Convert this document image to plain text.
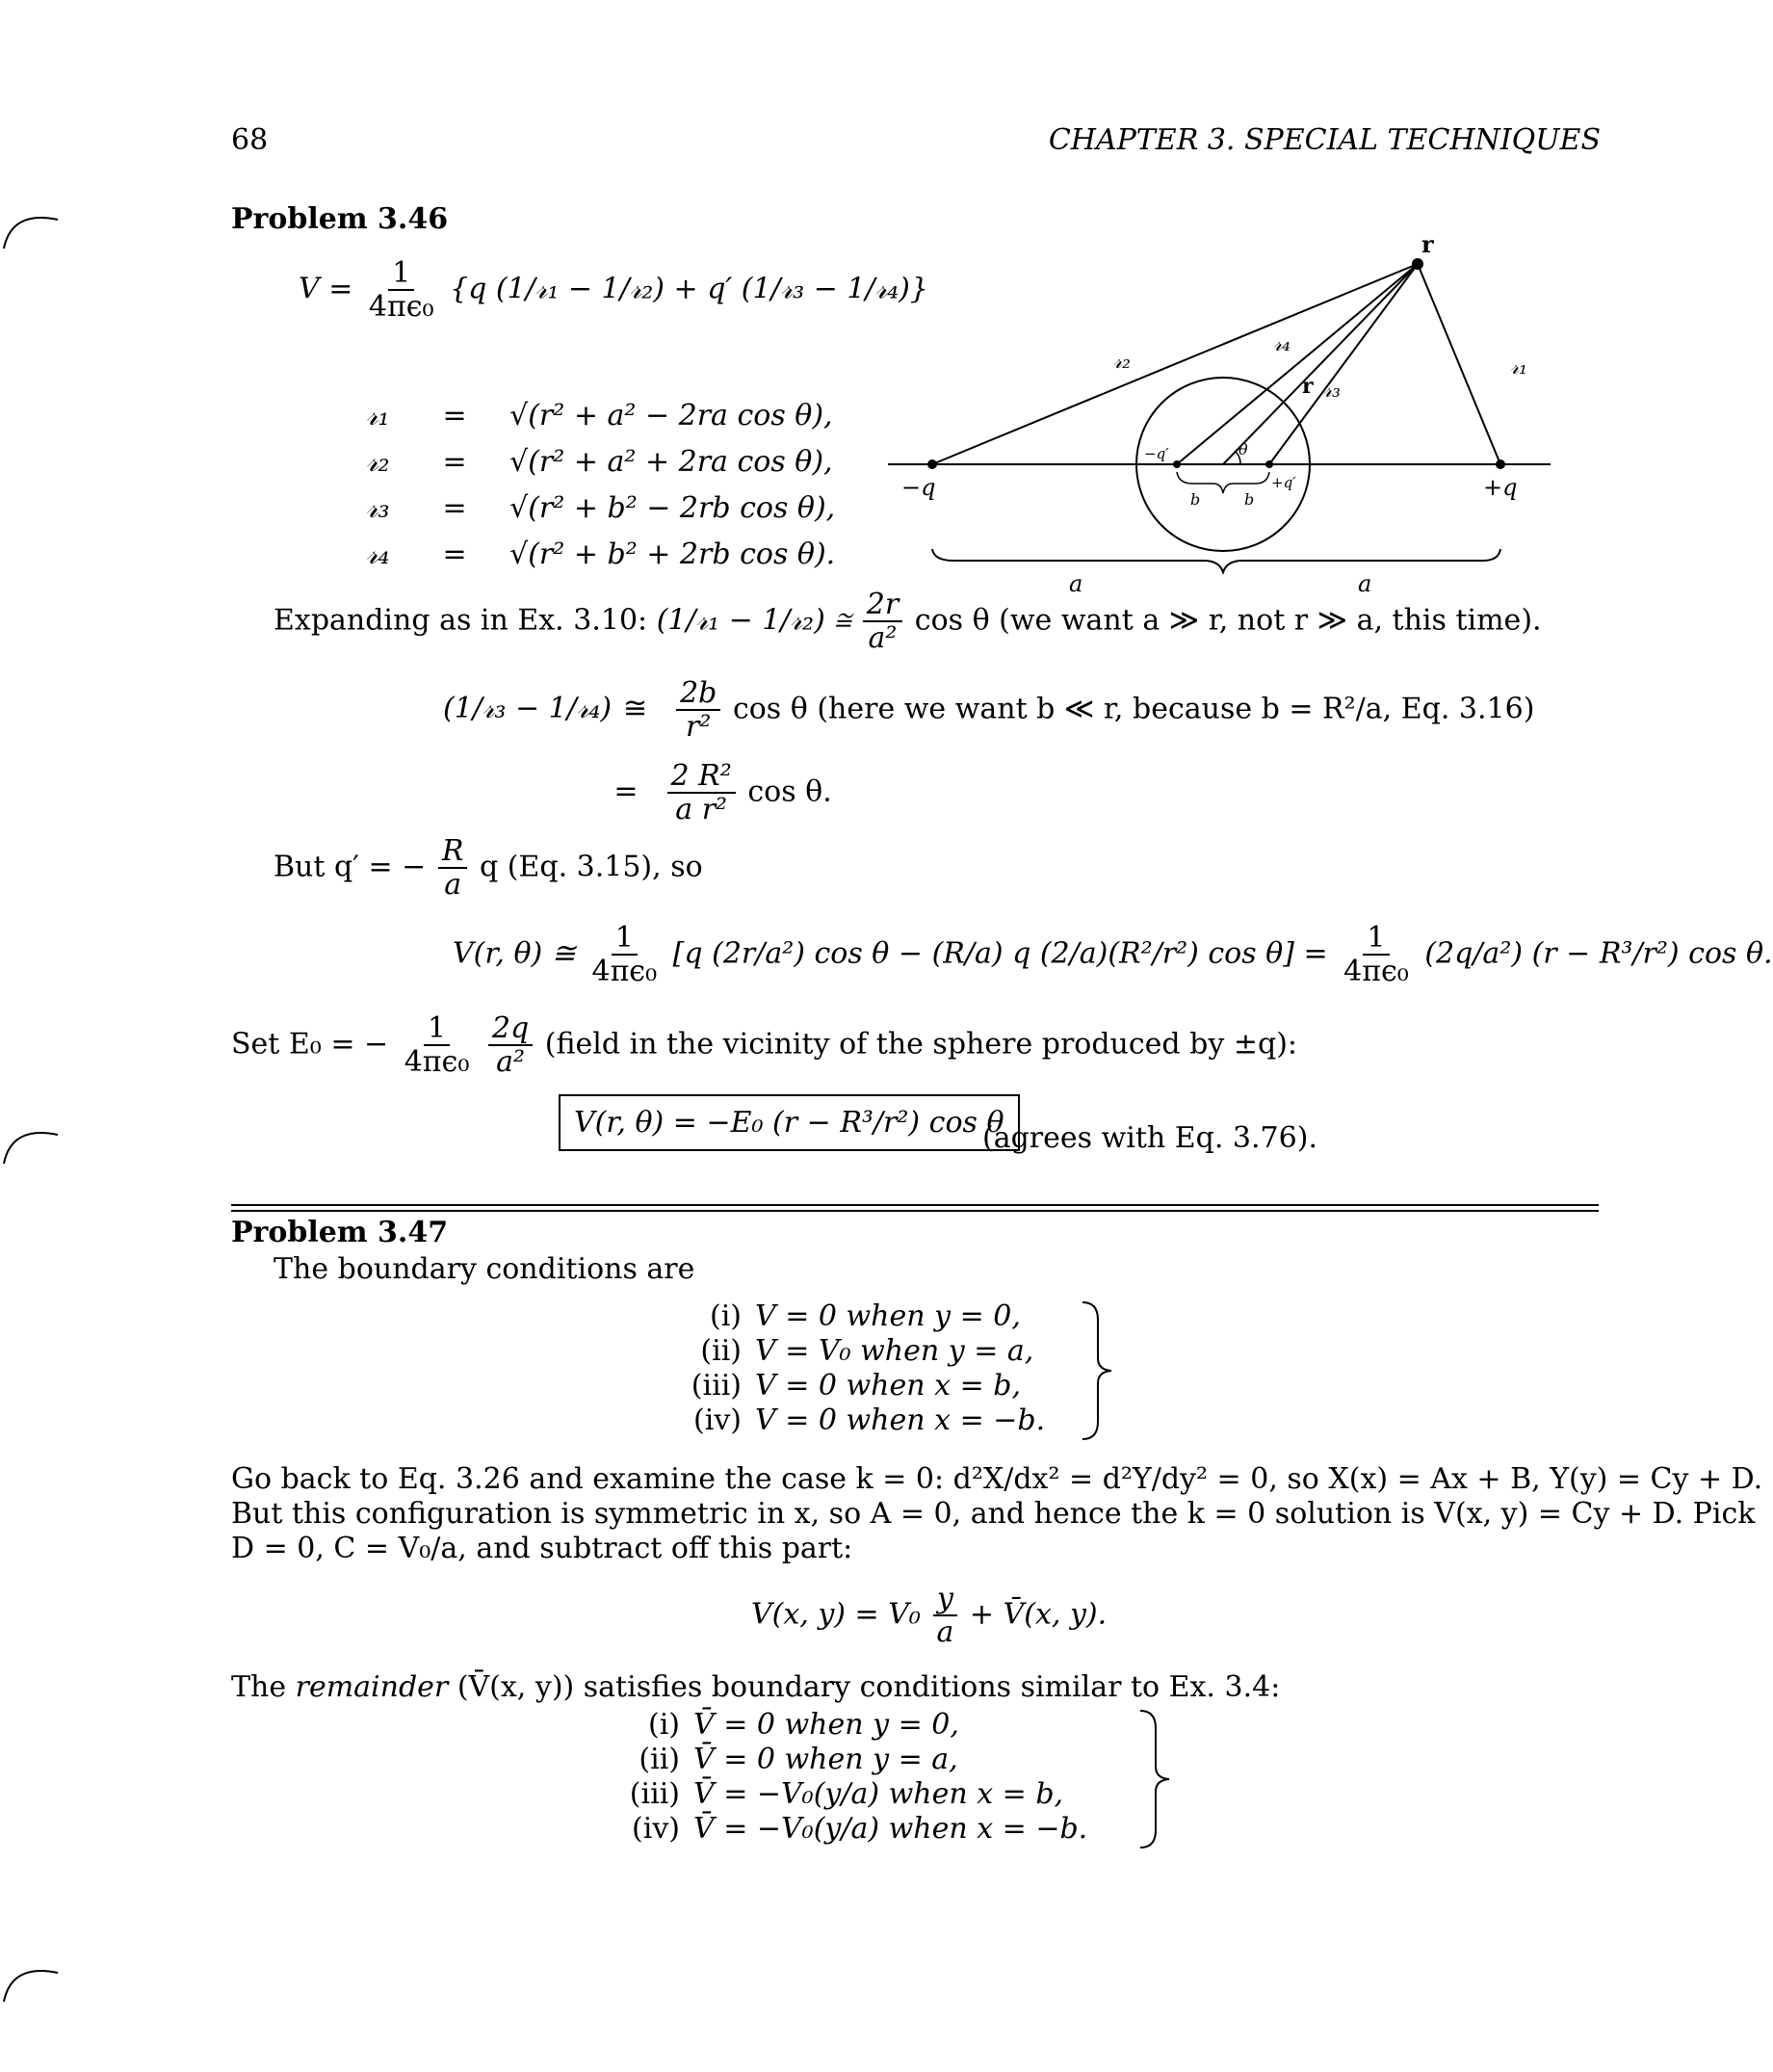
68	CHAPTER 3. SPECIAL TECHNIQUES
Problem 3.46
$V = \frac{1}{\text{4πϵ₀}} \{q$ (1/𝓇₁ − 1/𝓇₂) + q′ (1/𝓇₃ − 1/𝓇₄)}
𝓇₁ = √(r² + a² − 2ra cos θ),
𝓇₂ = √(r² + a² + 2ra cos θ),
𝓇₃ = √(r² + b² − 2rb cos θ),
𝓇₄ = √(r² + b² + 2rb cos θ).
r
𝓇₁
𝓇₂
𝓇₃
𝓇₄
r
θ
−q	+q
−q′
+q′
b	b
a	a
Expanding as in Ex. 3.10: (1/𝓇₁ − 1/𝓇₂) ≅ $\frac{2r}{\text{a²}}$ cos θ (we want a ≫ r, not r ≫ a, this time).
(1/𝓇₃ − 1/𝓇₄) ≅ $\frac{2b}{\text{r²}}$ cos θ (here we want b ≪ r, because b = R²/a, Eq. 3.16)
= $\frac{\text{2 R²}}{\text{a r²}}$ cos θ.
But q′ = − $\frac{R}{a}$ q (Eq. 3.15), so
V(r, θ) ≅ $\frac{1}{\text{4πϵ₀}} [q$ (2r/a²) cos θ − (R/a) q (2/a)(R²/r²) $\cos \theta] = \frac{1}{\text{4πϵ₀}} (2q/a^2) (r - R^3/r^2)$ cos θ.
Set E₀ = − $\frac{1}{\text{4πϵ₀}}$
$\frac{2q}{\text{a²}}$ (field in the vicinity of the sphere produced by ±q):
V(r, θ) = −E₀ (r − R³/r²) cos θ
(agrees with Eq. 3.76).
Problem 3.47
The boundary conditions are
(i) V = 0 when y = 0,
(ii) V = V₀ when y = a,
(iii) V = 0 when x = b,
(iv) V = 0 when x = −b.
Go back to Eq. 3.26 and examine the case k = 0: d²X/dx² = d²Y/dy² = 0, so X(x) = Ax + B, Y(y) = Cy + D.
But this configuration is symmetric in x, so A = 0, and hence the k = 0 solution is V(x, y) = Cy + D. Pick
D = 0, C = V₀/a, and subtract off this part:
V(x, $y) = V_0 \frac{y}{a}$ + V̄(x, y).
The remainder (V̄(x, y)) satisfies boundary conditions similar to Ex. 3.4:
(i) V̄ = 0 when y = 0,
(ii) V̄ = 0 when y = a,
(iii) V̄ = −V₀(y/a) when x = b,
(iv) V̄ = −V₀(y/a) when x = −b.
